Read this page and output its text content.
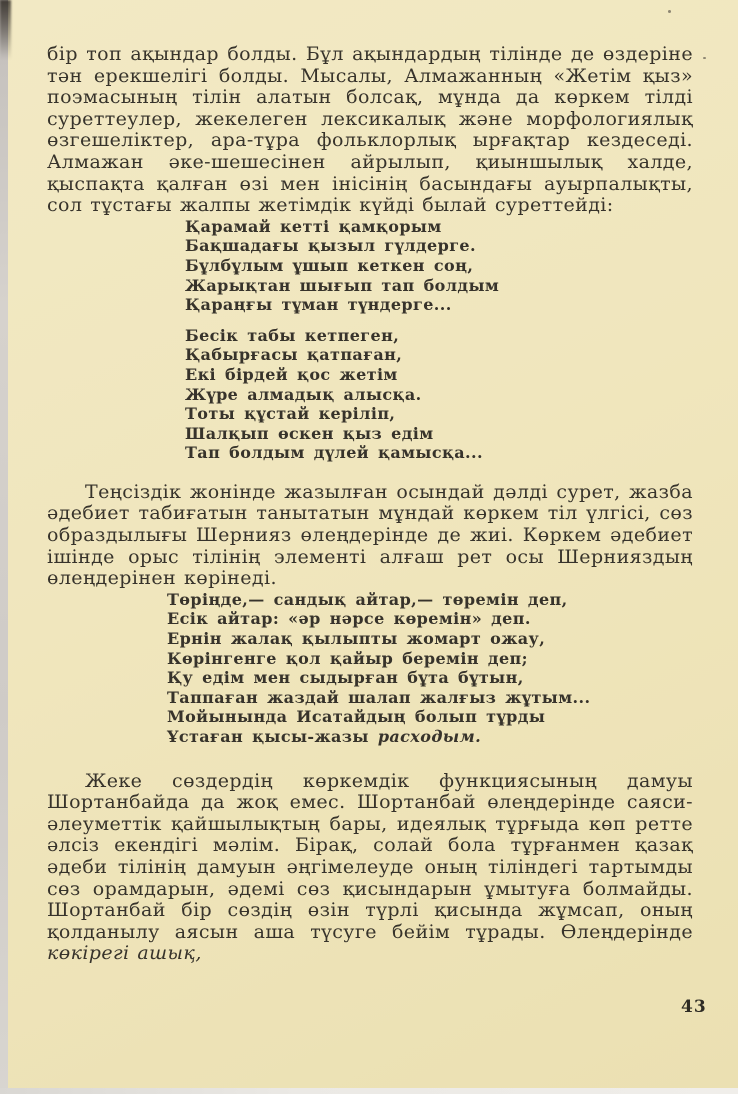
бір топ ақындар болды. Бұл ақындардың тілінде де өздеріне тән ерекшелігі болды. Мысалы, Алмажанның «Жетім қыз» поэмасының тілін алатын болсақ, мұнда да көркем тілді суреттеулер, жекелеген лексикалық және морфологиялық өзгешеліктер, ара-тұра фольклорлық ырғақтар кездеседі. Алмажан әке-шешесінен айрылып, қиыншылық халде, қыспақта қалған өзі мен інісінің басындағы ауырпалықты, сол тұстағы жалпы жетімдік күйді былай суреттейді:

Қарамай кетті қамқорым
Бақшадағы қызыл гүлдерге.
Бұлбұлым ұшып кеткен соң,
Жарықтан шығып тап болдым
Қараңғы тұман түндерге...
Бесік табы кетпеген,
Қабырғасы қатпаған,
Екі бірдей қос жетім
Жүре алмадық алысқа.
Тоты құстай керіліп,
Шалқып өскен қыз едім
Тап болдым дүлей қамысқа...

Теңсіздік жонінде жазылған осындай дәлді сурет, жазба әдебиет табиғатын танытатын мұндай көркем тіл үлгісі, сөз образдылығы Шернияз өлеңдерінде де жиі. Көркем әдебиет ішінде орыс тілінің элементі алғаш рет осы Шернияздың өлеңдерінен көрінеді.

Төріңде,— сандық айтар,— төремін деп,
Есік айтар: «әр нәрсе көремін» деп.
Ернін жалақ қылыпты жомарт ожау,
Көрінгенге қол қайыр беремін деп;
Қу едім мен сыдырған бұта бұтын,
Таппаған жаздай шалап жалғыз жұтым...
Мойынында Исатайдың болып тұрды
Ұстаған қысы-жазы расходым.

Жеке сөздердің көркемдік функциясының дамуы Шортанбайда да жоқ емес. Шортанбай өлеңдерінде саяси-әлеуметтік қайшылықтың бары, идеялық тұрғыда көп ретте әлсіз екендігі мәлім. Бірақ, солай бола тұрғанмен қазақ әдеби тілінің дамуын әңгімелеуде оның тіліндегі тартымды сөз орамдарын, әдемі сөз қисындарын ұмытуға болмайды. Шортанбай бір сөздің өзін түрлі қисында жұмсап, оның қолданылу аясын аша түсуге бейім тұрады. Өлеңдерінде көкірегі ашық,

43
